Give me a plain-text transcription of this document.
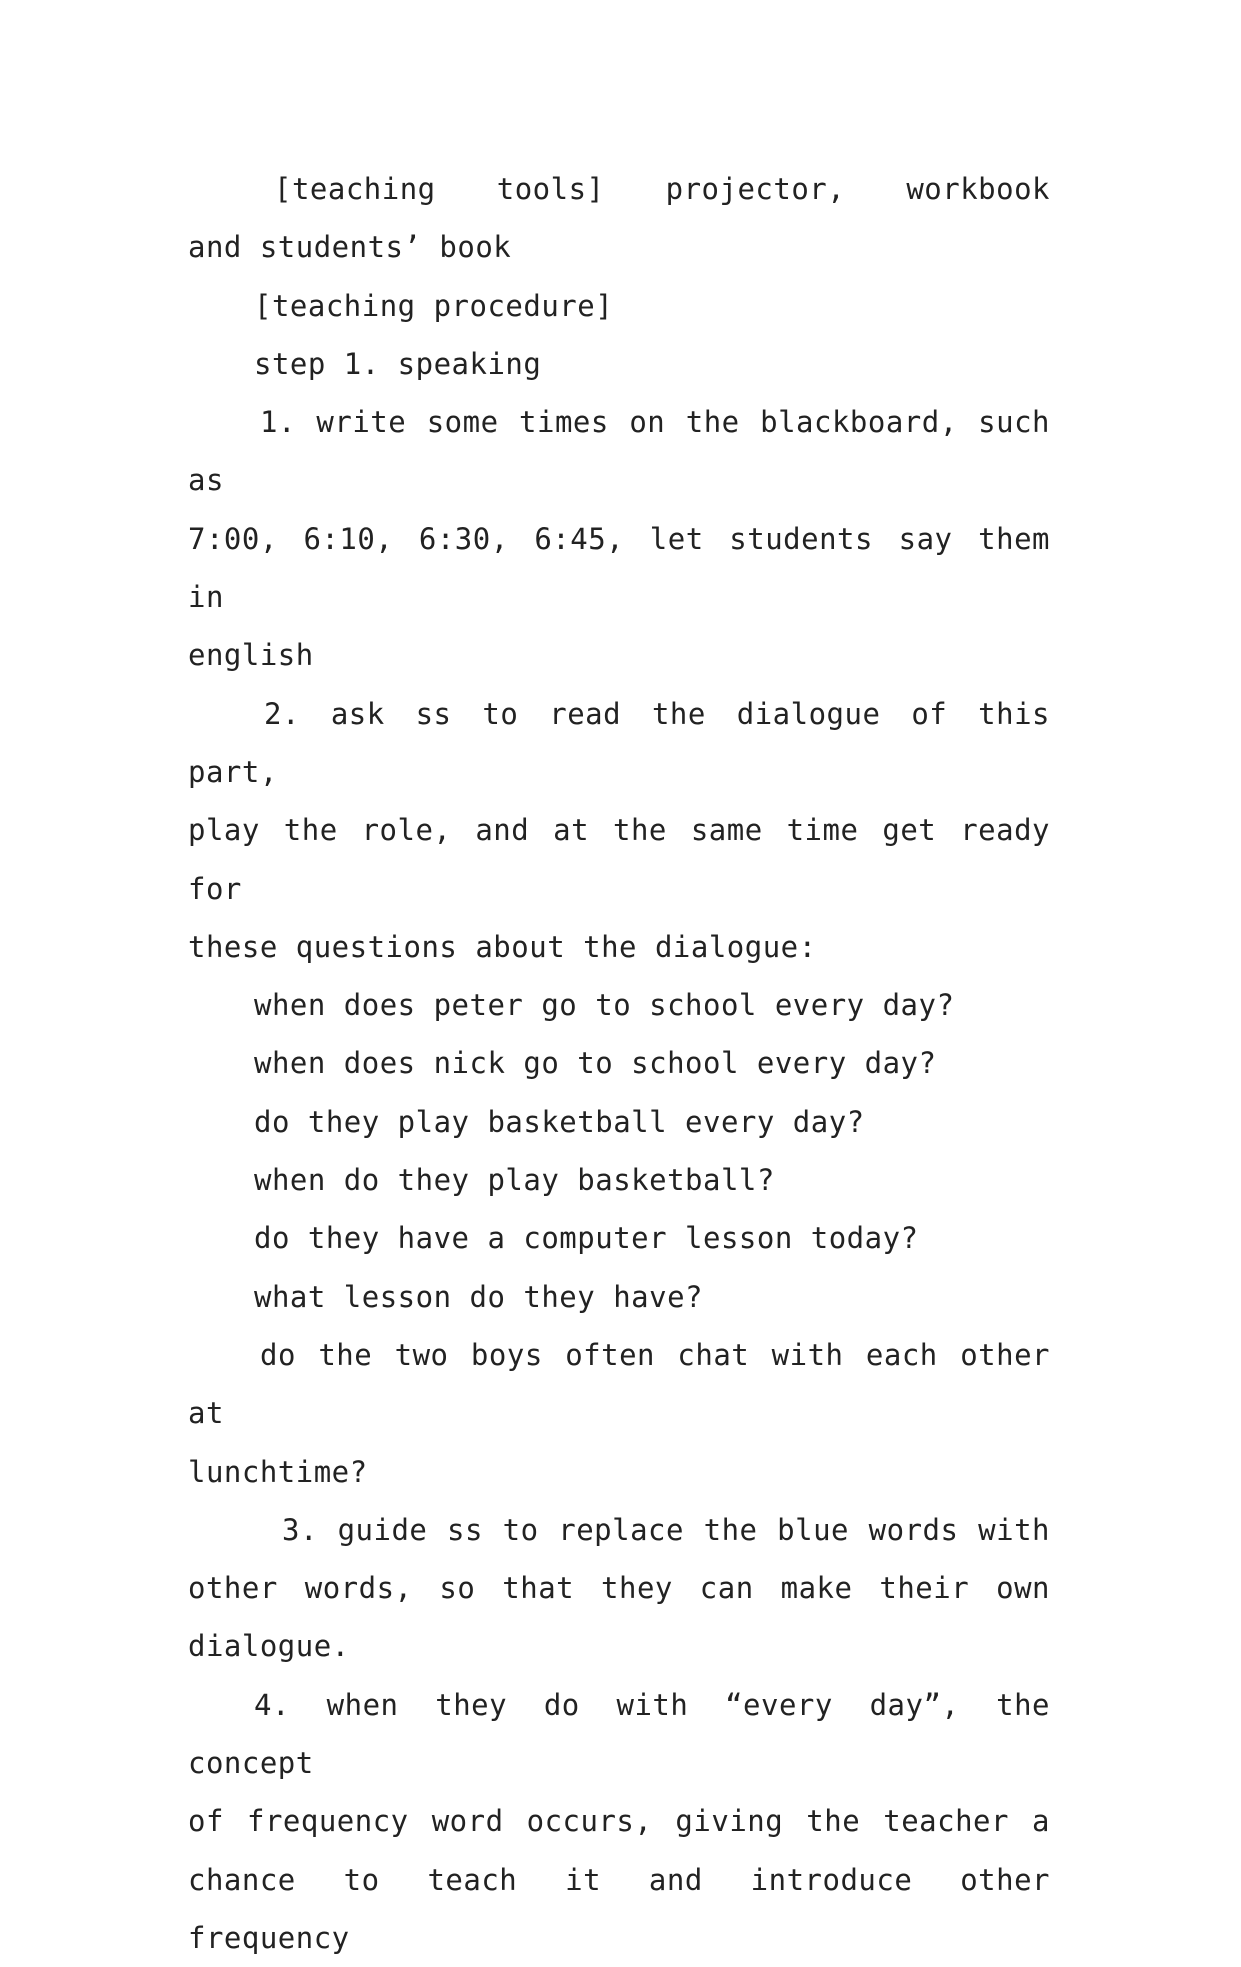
[teaching tools] projector, workbook

and students’ book

[teaching procedure]

step 1. speaking

1. write some times on the blackboard, such as

7:00, 6:10, 6:30, 6:45, let students say them in

english

2. ask ss to read the dialogue of this part,

play the role, and at the same time get ready for

these questions about the dialogue:

when does peter go to school every day?

when does nick go to school every day?

do they play basketball every day?

when do they play basketball?

do they have a computer lesson today?

what lesson do they have?

do the two boys often chat with each other at

lunchtime?

3. guide ss to replace the blue words with

other words, so that they can make their own

dialogue.

4. when they do with “every day”, the concept

of frequency word occurs, giving the teacher a

chance to teach it and introduce other frequency
